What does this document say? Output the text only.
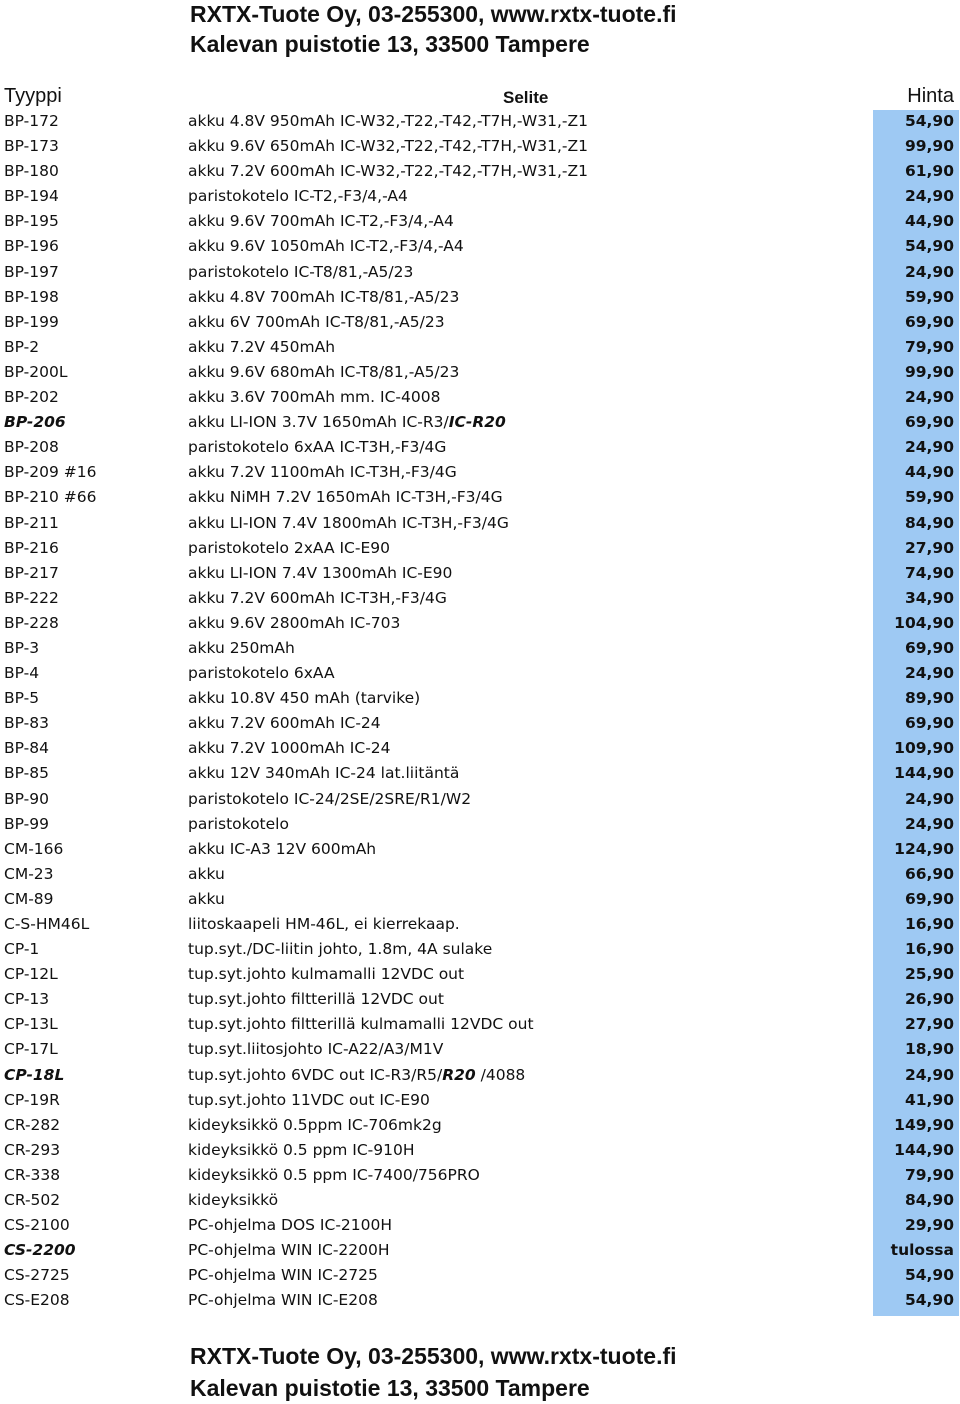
RXTX-Tuote Oy, 03-255300, www.rxtx-tuote.fi
Kalevan puistotie 13, 33500 Tampere
Tyyppi	Selite	Hinta
BP-172	akku 4.8V 950mAh IC-W32,-T22,-T42,-T7H,-W31,-Z1	54,90
BP-173	akku 9.6V 650mAh IC-W32,-T22,-T42,-T7H,-W31,-Z1	99,90
BP-180	akku 7.2V 600mAh IC-W32,-T22,-T42,-T7H,-W31,-Z1	61,90
BP-194	paristokotelo IC-T2,-F3/4,-A4	24,90
BP-195	akku 9.6V 700mAh IC-T2,-F3/4,-A4	44,90
BP-196	akku 9.6V 1050mAh IC-T2,-F3/4,-A4	54,90
BP-197	paristokotelo IC-T8/81,-A5/23	24,90
BP-198	akku 4.8V 700mAh IC-T8/81,-A5/23	59,90
BP-199	akku 6V 700mAh IC-T8/81,-A5/23	69,90
BP-2	akku 7.2V 450mAh	79,90
BP-200L	akku 9.6V 680mAh IC-T8/81,-A5/23	99,90
BP-202	akku 3.6V 700mAh mm. IC-4008	24,90
BP-206	akku LI-ION 3.7V 1650mAh IC-R3/IC-R20	69,90
BP-208	paristokotelo 6xAA IC-T3H,-F3/4G	24,90
BP-209 #16	akku 7.2V 1100mAh IC-T3H,-F3/4G	44,90
BP-210 #66	akku NiMH 7.2V 1650mAh IC-T3H,-F3/4G	59,90
BP-211	akku LI-ION 7.4V 1800mAh IC-T3H,-F3/4G	84,90
BP-216	paristokotelo 2xAA IC-E90	27,90
BP-217	akku LI-ION 7.4V 1300mAh IC-E90	74,90
BP-222	akku 7.2V 600mAh IC-T3H,-F3/4G	34,90
BP-228	akku 9.6V 2800mAh IC-703	104,90
BP-3	akku 250mAh	69,90
BP-4	paristokotelo 6xAA	24,90
BP-5	akku 10.8V 450 mAh (tarvike)	89,90
BP-83	akku 7.2V 600mAh IC-24	69,90
BP-84	akku 7.2V 1000mAh IC-24	109,90
BP-85	akku 12V 340mAh IC-24 lat.liitäntä	144,90
BP-90	paristokotelo IC-24/2SE/2SRE/R1/W2	24,90
BP-99	paristokotelo	24,90
CM-166	akku IC-A3 12V 600mAh	124,90
CM-23	akku	66,90
CM-89	akku	69,90
C-S-HM46L	liitoskaapeli HM-46L, ei kierrekaap.	16,90
CP-1	tup.syt./DC-liitin johto, 1.8m, 4A sulake	16,90
CP-12L	tup.syt.johto kulmamalli 12VDC out	25,90
CP-13	tup.syt.johto filtterillä 12VDC out	26,90
CP-13L	tup.syt.johto filtterillä kulmamalli 12VDC out	27,90
CP-17L	tup.syt.liitosjohto IC-A22/A3/M1V	18,90
CP-18L	tup.syt.johto 6VDC out IC-R3/R5/R20 /4088	24,90
CP-19R	tup.syt.johto 11VDC out IC-E90	41,90
CR-282	kideyksikkö 0.5ppm IC-706mk2g	149,90
CR-293	kideyksikkö 0.5 ppm IC-910H	144,90
CR-338	kideyksikkö 0.5 ppm IC-7400/756PRO	79,90
CR-502	kideyksikkö	84,90
CS-2100	PC-ohjelma DOS IC-2100H	29,90
CS-2200	PC-ohjelma WIN IC-2200H	tulossa
CS-2725	PC-ohjelma WIN IC-2725	54,90
CS-E208	PC-ohjelma WIN IC-E208	54,90
RXTX-Tuote Oy, 03-255300, www.rxtx-tuote.fi
Kalevan puistotie 13, 33500 Tampere
